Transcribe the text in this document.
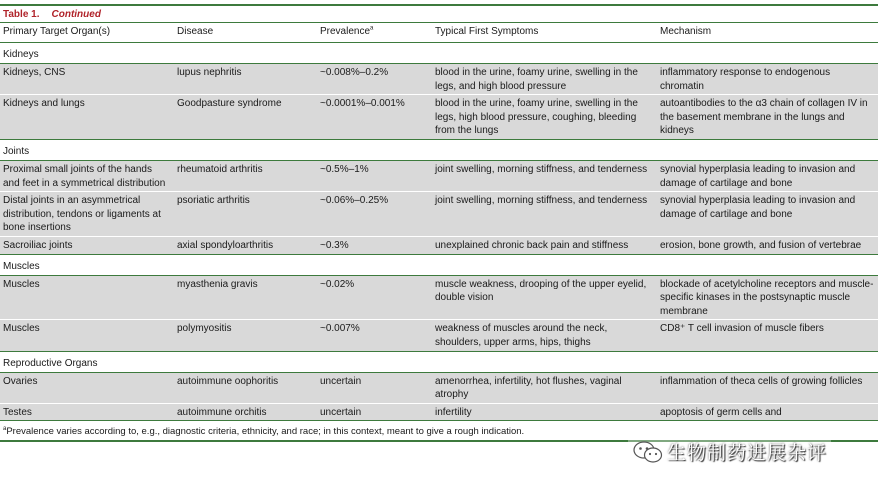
Table 1. Continued
Primary Target Organ(s)	Disease	Prevalence$^a$	Typical First Symptoms	Mechanism
Kidneys				
Kidneys, CNS	lupus nephritis	~0.008%–0.2%	blood in the urine, foamy urine, swelling in the legs, and high blood pressure	inflammatory response to endogenous chromatin
Kidneys and lungs	Goodpasture syndrome	~0.0001%–0.001%	blood in the urine, foamy urine, swelling in the legs, high blood pressure, coughing, bleeding from the lungs	autoantibodies to the α3 chain of collagen IV in the basement membrane in the lungs and kidneys
Joints				
Proximal small joints of the hands and feet in a symmetrical distribution	rheumatoid arthritis	~0.5%–1%	joint swelling, morning stiffness, and tenderness	synovial hyperplasia leading to invasion and damage of cartilage and bone
Distal joints in an asymmetrical distribution, tendons or ligaments at bone insertions	psoriatic arthritis	~0.06%–0.25%	joint swelling, morning stiffness, and tenderness	synovial hyperplasia leading to invasion and damage of cartilage and bone
Sacroiliac joints	axial spondyloarthritis	~0.3%	unexplained chronic back pain and stiffness	erosion, bone growth, and fusion of vertebrae
Muscles				
Muscles	myasthenia gravis	~0.02%	muscle weakness, drooping of the upper eyelid, double vision	blockade of acetylcholine receptors and muscle-specific kinases in the postsynaptic muscle membrane
Muscles	polymyositis	~0.007%	weakness of muscles around the neck, shoulders, upper arms, hips, thighs	CD8⁺ T cell invasion of muscle fibers
Reproductive Organs				
Ovaries	autoimmune oophoritis	uncertain	amenorrhea, infertility, hot flushes, vaginal atrophy	inflammation of theca cells of growing follicles
Testes	autoimmune orchitis	uncertain	infertility	apoptosis of germ cells and
$^a$Prevalence varies according to, e.g., diagnostic criteria, ethnicity, and race; in this context, meant to give a rough indication.
生物制药进展杂评
